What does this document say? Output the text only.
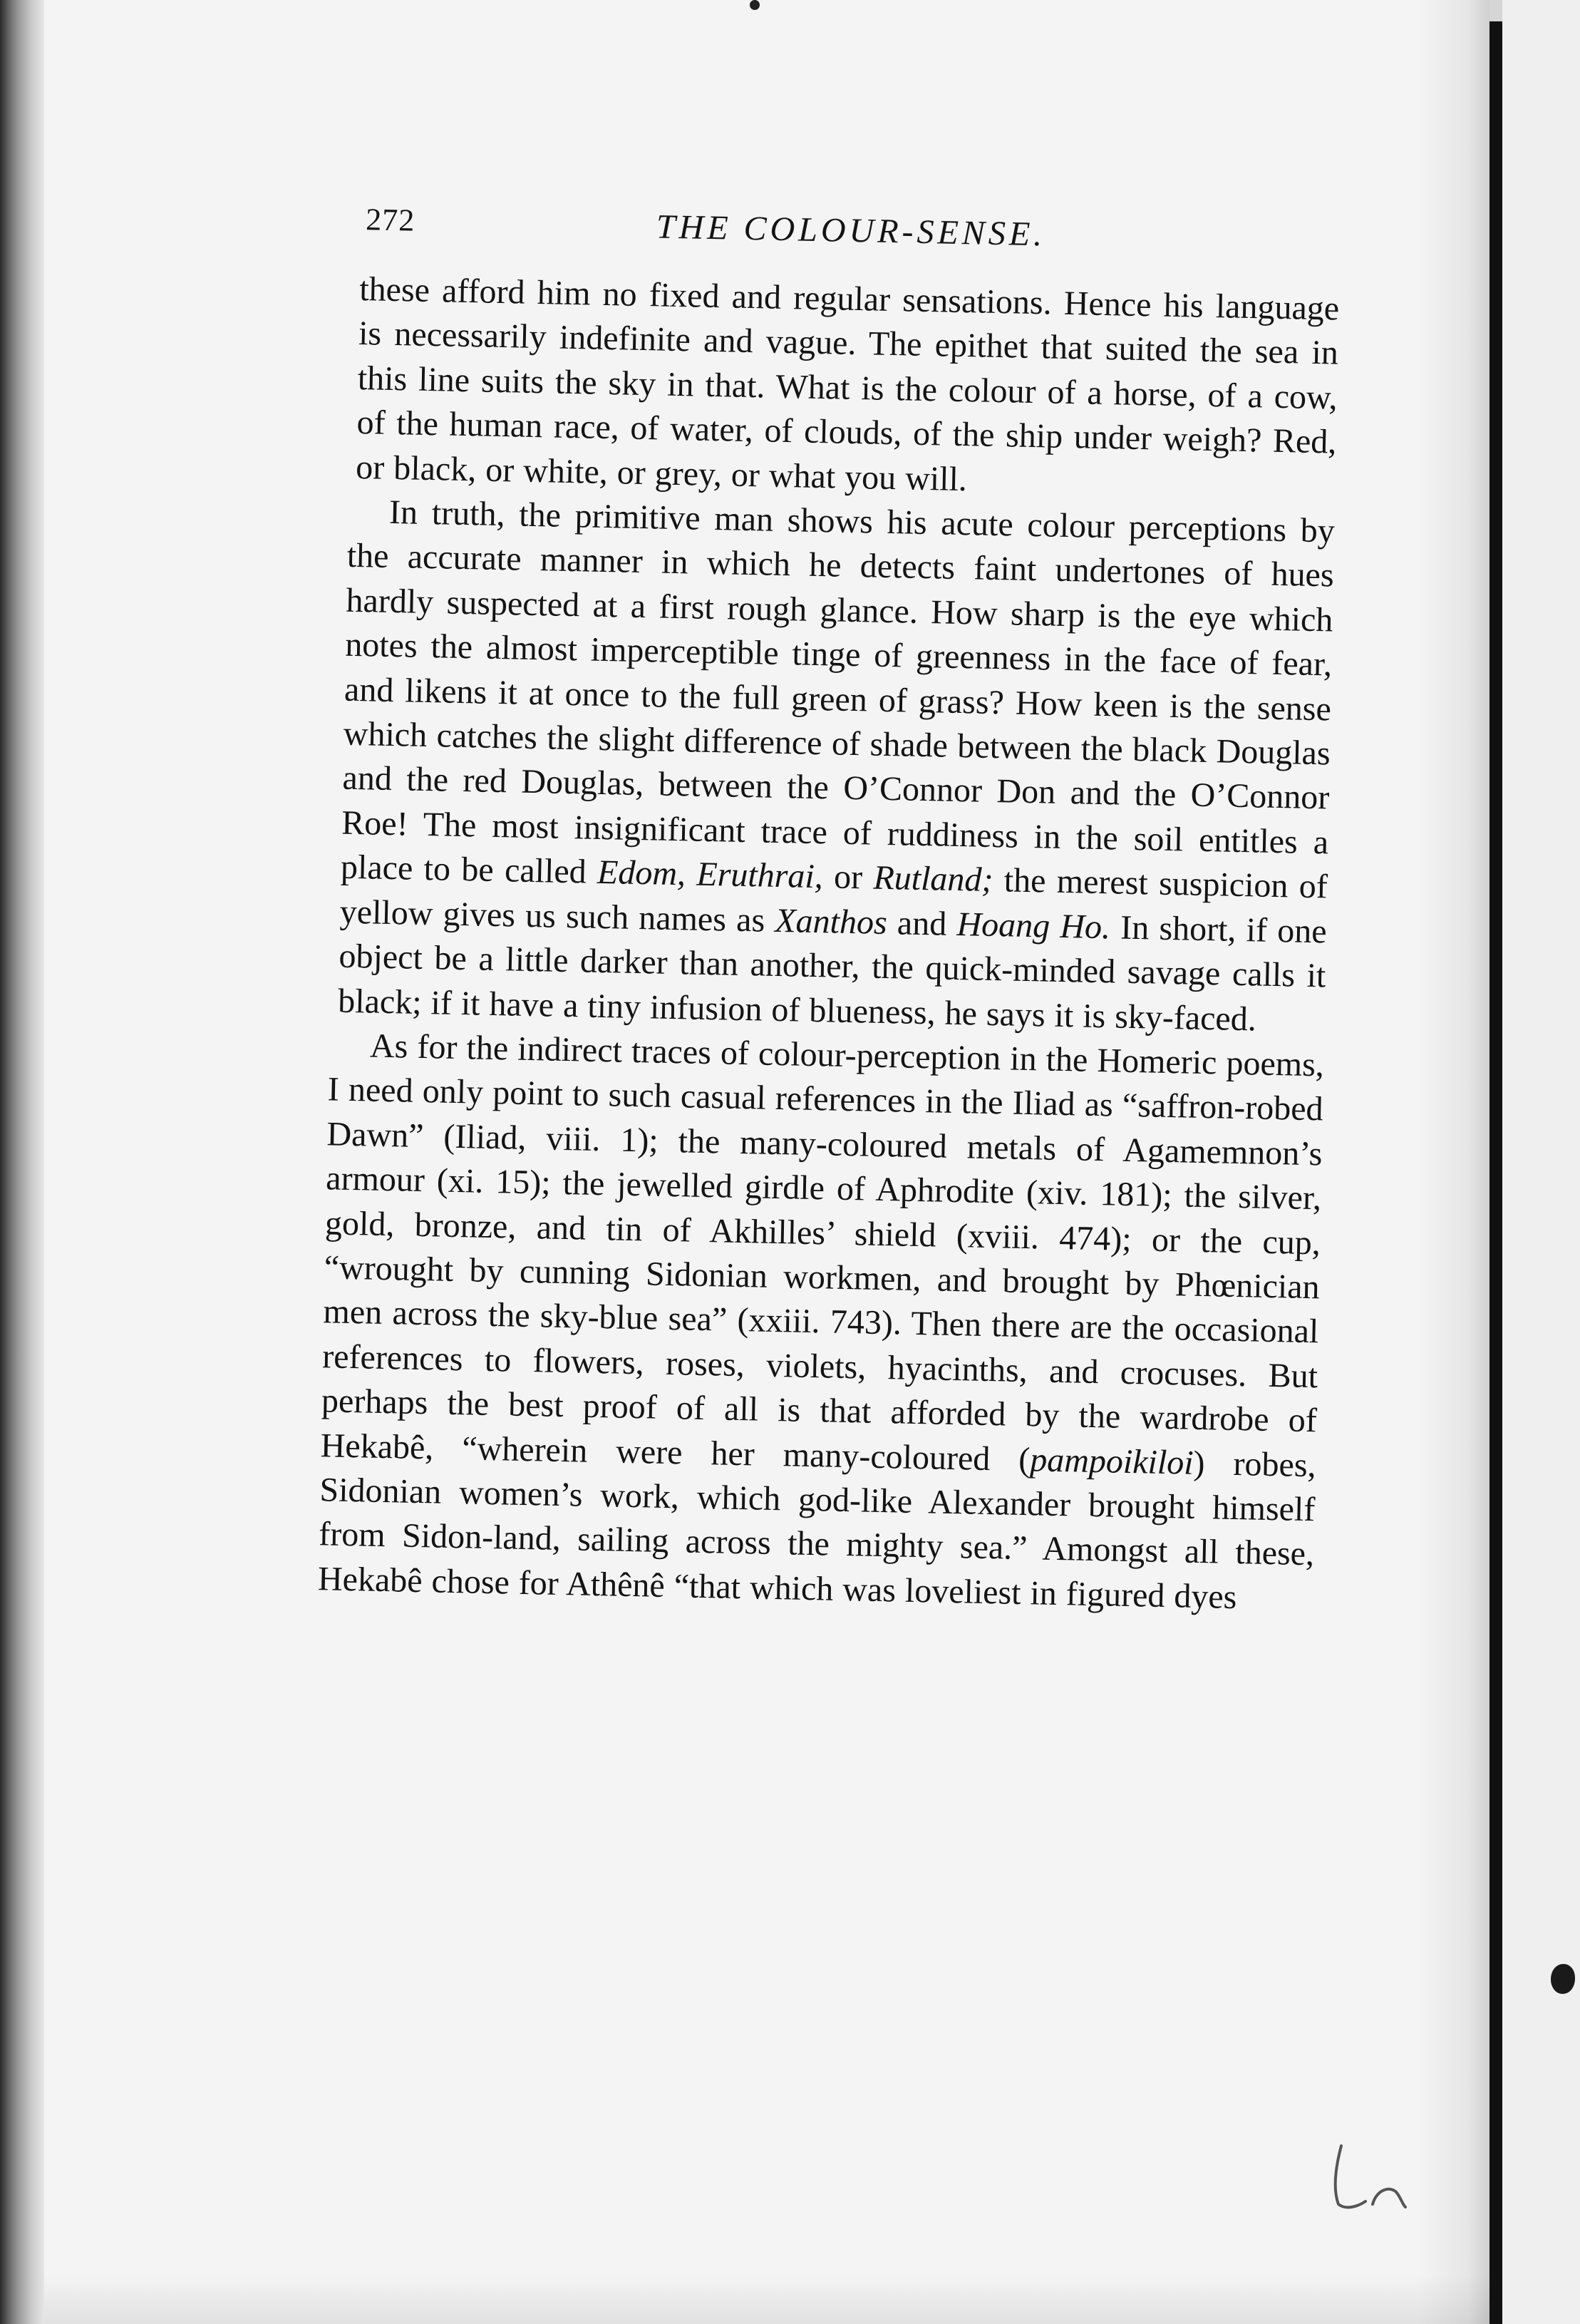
272	THE COLOUR-SENSE.

these afford him no fixed and regular sensations. Hence his language is necessarily indefinite and vague. The epithet that suited the sea in this line suits the sky in that. What is the colour of a horse, of a cow, of the human race, of water, of clouds, of the ship under weigh? Red, or black, or white, or grey, or what you will.

In truth, the primitive man shows his acute colour perceptions by the accurate manner in which he detects faint undertones of hues hardly suspected at a first rough glance. How sharp is the eye which notes the almost imperceptible tinge of greenness in the face of fear, and likens it at once to the full green of grass? How keen is the sense which catches the slight difference of shade between the black Douglas and the red Douglas, between the O’Connor Don and the O’Connor Roe! The most insignificant trace of ruddiness in the soil entitles a place to be called Edom, Eruthrai, or Rutland; the merest suspicion of yellow gives us such names as Xanthos and Hoang Ho. In short, if one object be a little darker than another, the quick-minded savage calls it black; if it have a tiny infusion of blueness, he says it is sky-faced.

As for the indirect traces of colour-perception in the Homeric poems, I need only point to such casual references in the Iliad as “saffron-robed Dawn” (Iliad, viii. 1); the many-coloured metals of Agamemnon’s armour (xi. 15); the jewelled girdle of Aphrodite (xiv. 181); the silver, gold, bronze, and tin of Akhilles’ shield (xviii. 474); or the cup, “wrought by cunning Sidonian workmen, and brought by Phœnician men across the sky-blue sea” (xxiii. 743). Then there are the occasional references to flowers, roses, violets, hyacinths, and crocuses. But perhaps the best proof of all is that afforded by the wardrobe of Hekabê, “wherein were her many-coloured (pampoikiloi) robes, Sidonian women’s work, which god-like Alexander brought himself from Sidon-land, sailing across the mighty sea.” Amongst all these, Hekabê chose for Athênê “that which was loveliest in figured dyes
